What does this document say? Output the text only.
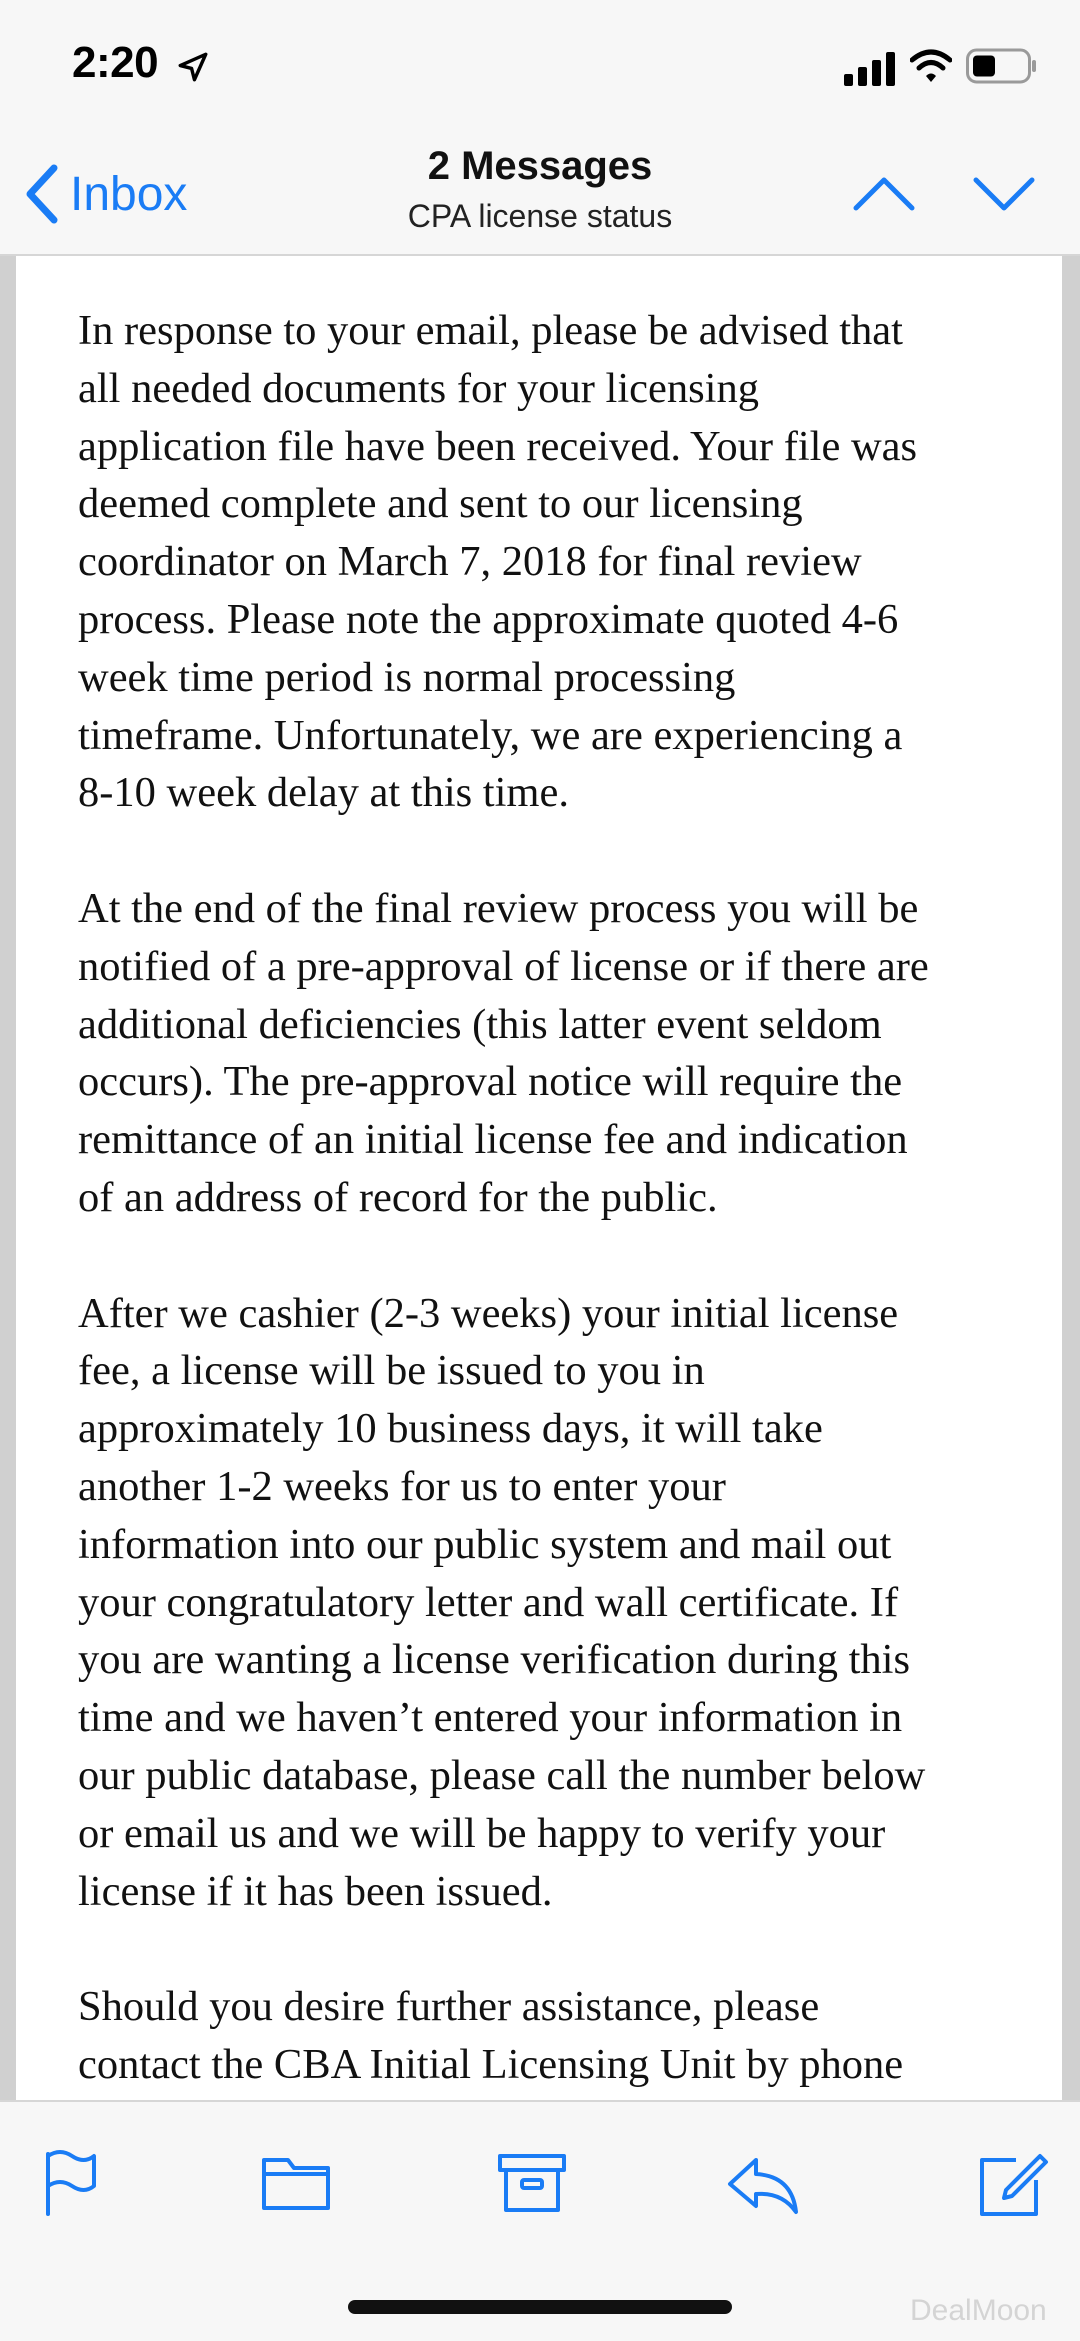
2:20
Inbox
2 Messages
CPA license status

In response to your email, please be advised that
all needed documents for your licensing
application file have been received. Your file was
deemed complete and sent to our licensing
coordinator on March 7, 2018 for final review
process. Please note the approximate quoted 4-6
week time period is normal processing
timeframe. Unfortunately, we are experiencing a
8-10 week delay at this time.

At the end of the final review process you will be
notified of a pre-approval of license or if there are
additional deficiencies (this latter event seldom
occurs). The pre-approval notice will require the
remittance of an initial license fee and indication
of an address of record for the public.

After we cashier (2-3 weeks) your initial license
fee, a license will be issued to you in
approximately 10 business days, it will take
another 1-2 weeks for us to enter your
information into our public system and mail out
your congratulatory letter and wall certificate. If
you are wanting a license verification during this
time and we haven’t entered your information in
our public database, please call the number below
or email us and we will be happy to verify your
license if it has been issued.

Should you desire further assistance, please
contact the CBA Initial Licensing Unit by phone

DealMoon
